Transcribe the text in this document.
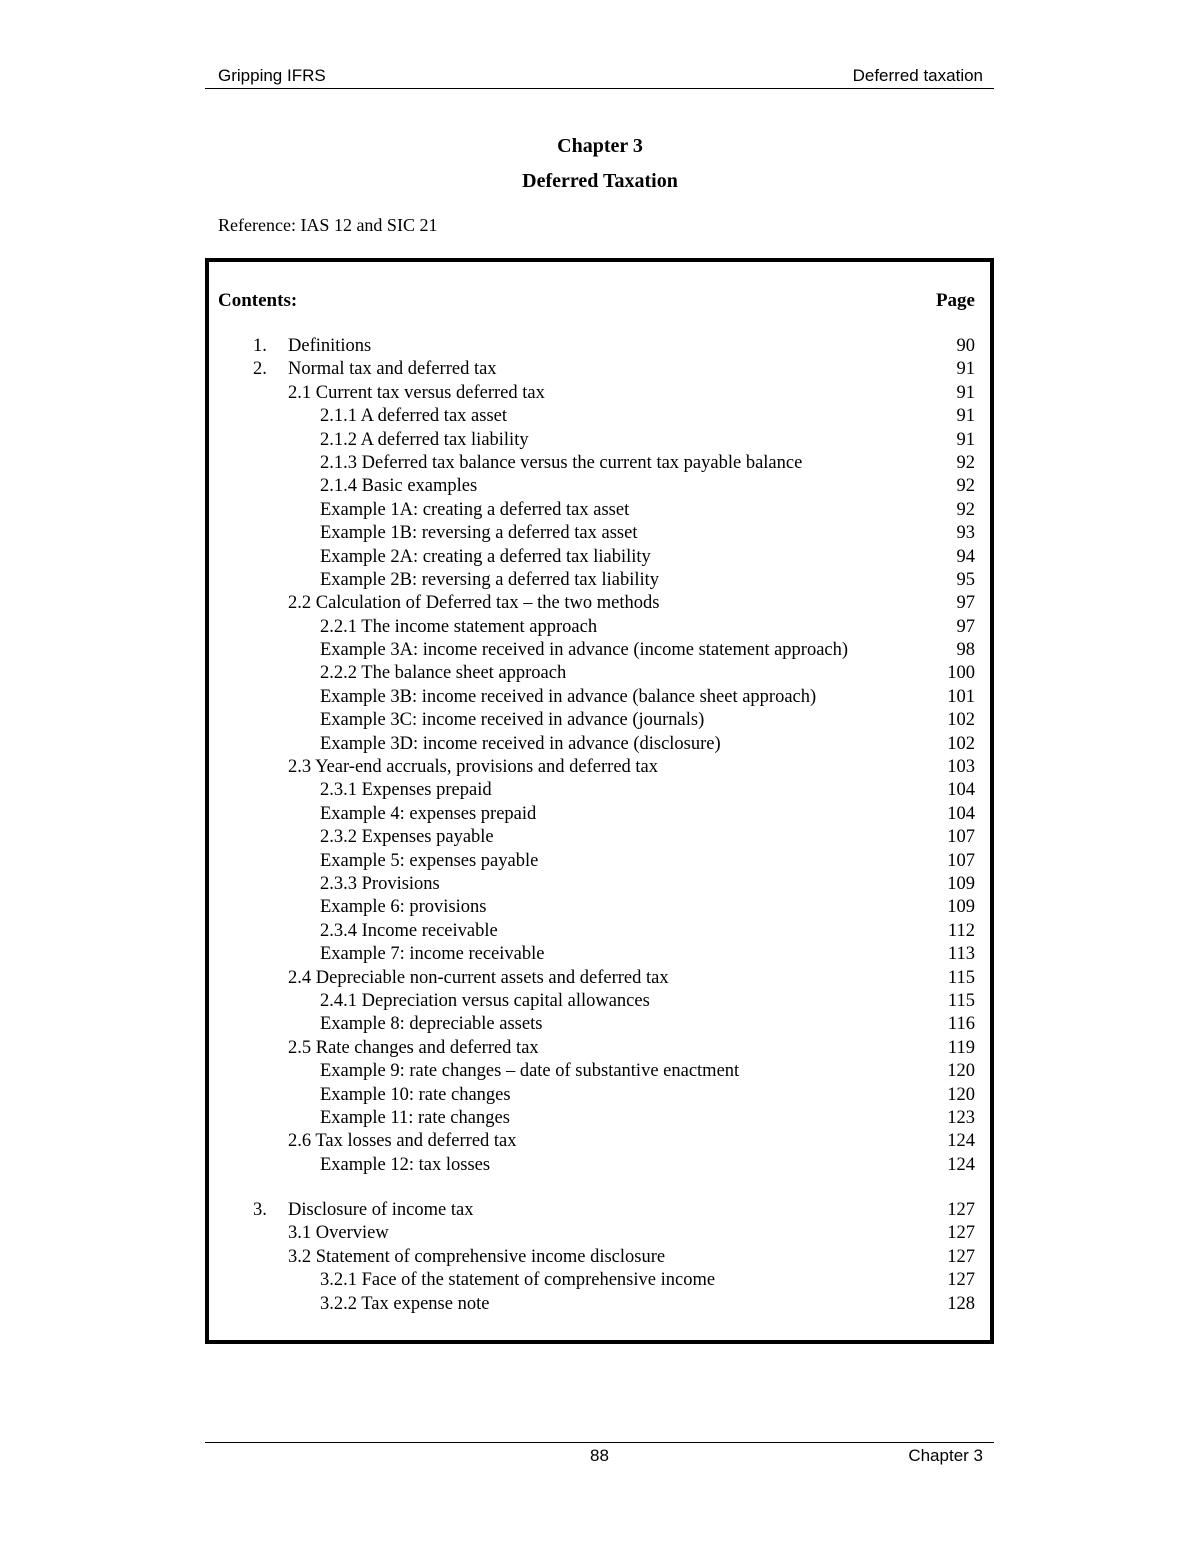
Gripping IFRS	Deferred taxation
Chapter 3
Deferred Taxation
Reference: IAS 12 and SIC 21
Contents:	Page
1. Definitions	90
2. Normal tax and deferred tax	91
2.1 Current tax versus deferred tax	91
2.1.1 A deferred tax asset	91
2.1.2 A deferred tax liability	91
2.1.3 Deferred tax balance versus the current tax payable balance	92
2.1.4 Basic examples	92
Example 1A: creating a deferred tax asset	92
Example 1B: reversing a deferred tax asset	93
Example 2A: creating a deferred tax liability	94
Example 2B: reversing a deferred tax liability	95
2.2 Calculation of Deferred tax – the two methods	97
2.2.1 The income statement approach	97
Example 3A: income received in advance (income statement approach)	98
2.2.2 The balance sheet approach	100
Example 3B: income received in advance (balance sheet approach)	101
Example 3C: income received in advance (journals)	102
Example 3D: income received in advance (disclosure)	102
2.3 Year-end accruals, provisions and deferred tax	103
2.3.1 Expenses prepaid	104
Example 4: expenses prepaid	104
2.3.2 Expenses payable	107
Example 5: expenses payable	107
2.3.3 Provisions	109
Example 6: provisions	109
2.3.4 Income receivable	112
Example 7: income receivable	113
2.4 Depreciable non-current assets and deferred tax	115
2.4.1 Depreciation versus capital allowances	115
Example 8: depreciable assets	116
2.5 Rate changes and deferred tax	119
Example 9: rate changes – date of substantive enactment	120
Example 10: rate changes	120
Example 11: rate changes	123
2.6 Tax losses and deferred tax	124
Example 12: tax losses	124
3. Disclosure of income tax	127
3.1 Overview	127
3.2 Statement of comprehensive income disclosure	127
3.2.1 Face of the statement of comprehensive income	127
3.2.2 Tax expense note	128
88	Chapter 3
